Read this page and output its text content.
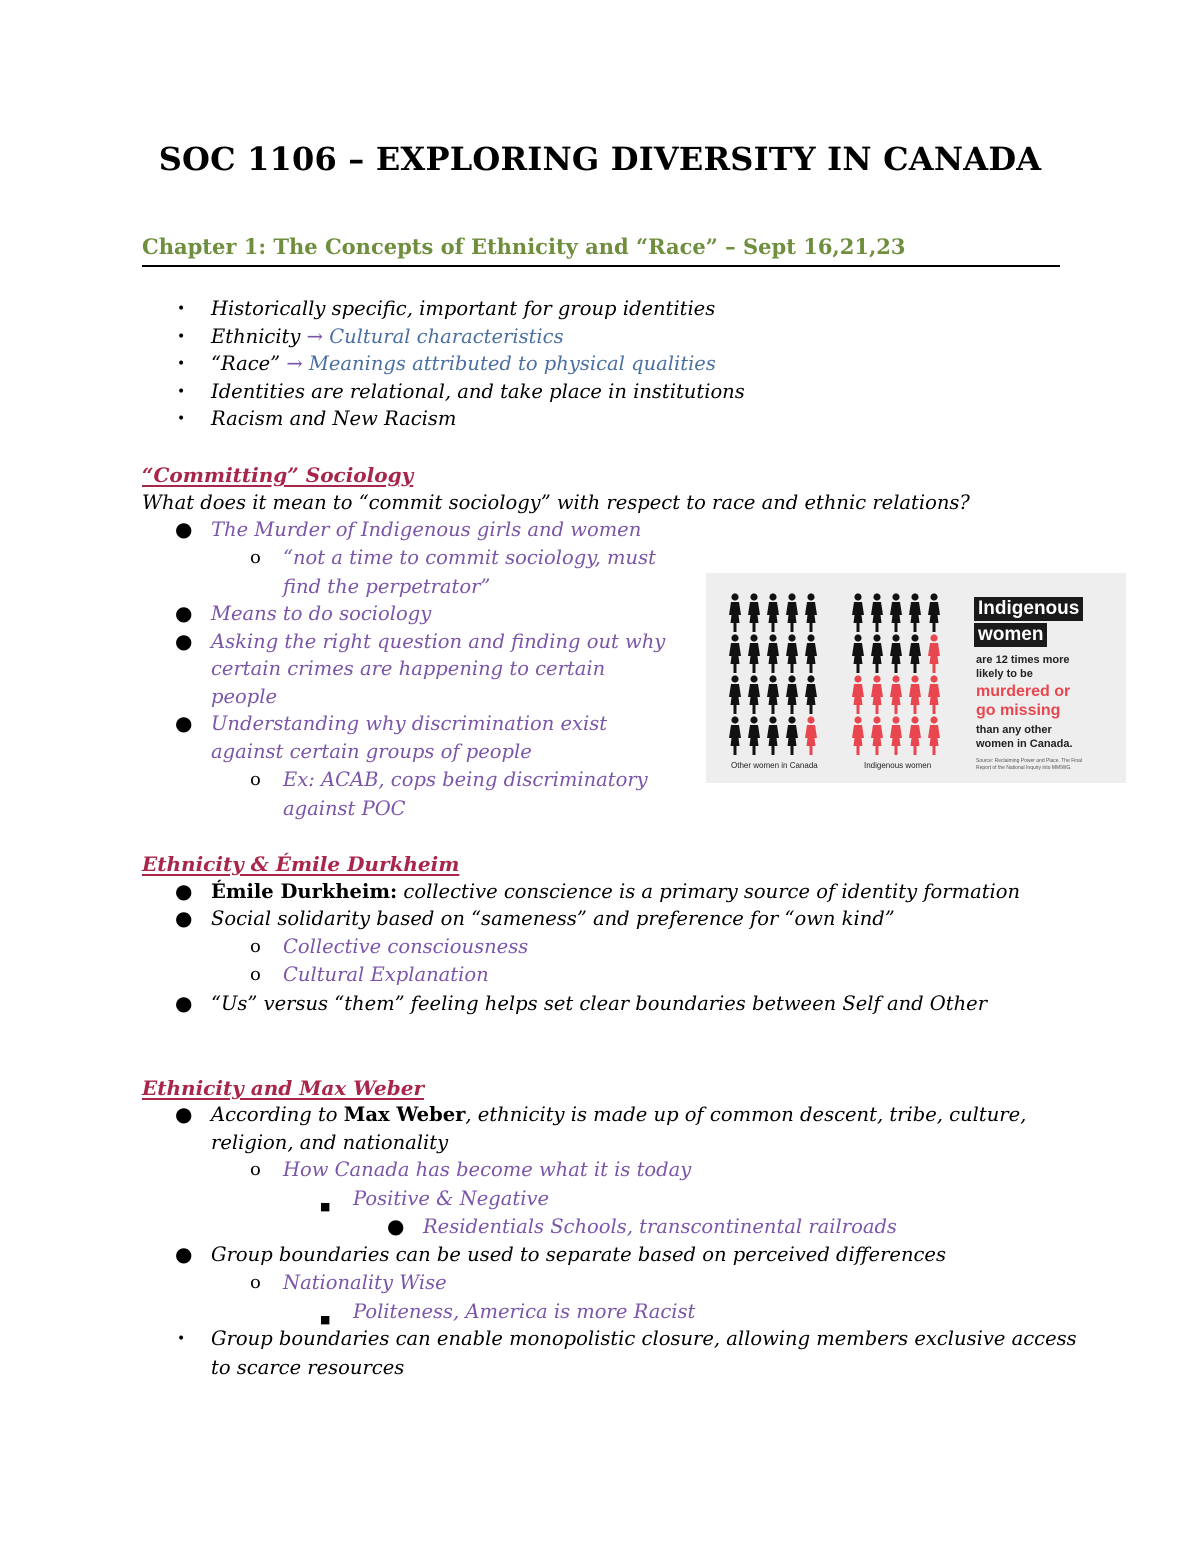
SOC 1106 – EXPLORING DIVERSITY IN CANADA
Chapter 1: The Concepts of Ethnicity and “Race” – Sept 16,21,23
• Historically specific, important for group identities
• Ethnicity → Cultural characteristics
• “Race” → Meanings attributed to physical qualities
• Identities are relational, and take place in institutions
• Racism and New Racism
“Committing” Sociology
What does it mean to “commit sociology” with respect to race and ethnic relations?
● The Murder of Indigenous girls and women
o “not a time to commit sociology, must
find the perpetrator”
● Means to do sociology
● Asking the right question and finding out why
certain crimes are happening to certain
people
● Understanding why discrimination exist
against certain groups of people
o Ex: ACAB, cops being discriminatory
against POC
Other women in Canada	Indigenous women
Indigenous
women
are 12 times more
likely to be
murdered or
go missing
than any other
women in Canada.
Source: Reclaiming Power and Place. The Final
Report of the National Inquiry into MMIWG.
Ethnicity & Émile Durkheim
● Émile Durkheim: collective conscience is a primary source of identity formation
● Social solidarity based on “sameness” and preference for “own kind”
o Collective consciousness
o Cultural Explanation
● “Us” versus “them” feeling helps set clear boundaries between Self and Other
Ethnicity and Max Weber
● According to Max Weber, ethnicity is made up of common descent, tribe, culture,
religion, and nationality
o How Canada has become what it is today
■ Positive & Negative
● Residentials Schools, transcontinental railroads
● Group boundaries can be used to separate based on perceived differences
o Nationality Wise
■ Politeness, America is more Racist
• Group boundaries can enable monopolistic closure, allowing members exclusive access
to scarce resources
